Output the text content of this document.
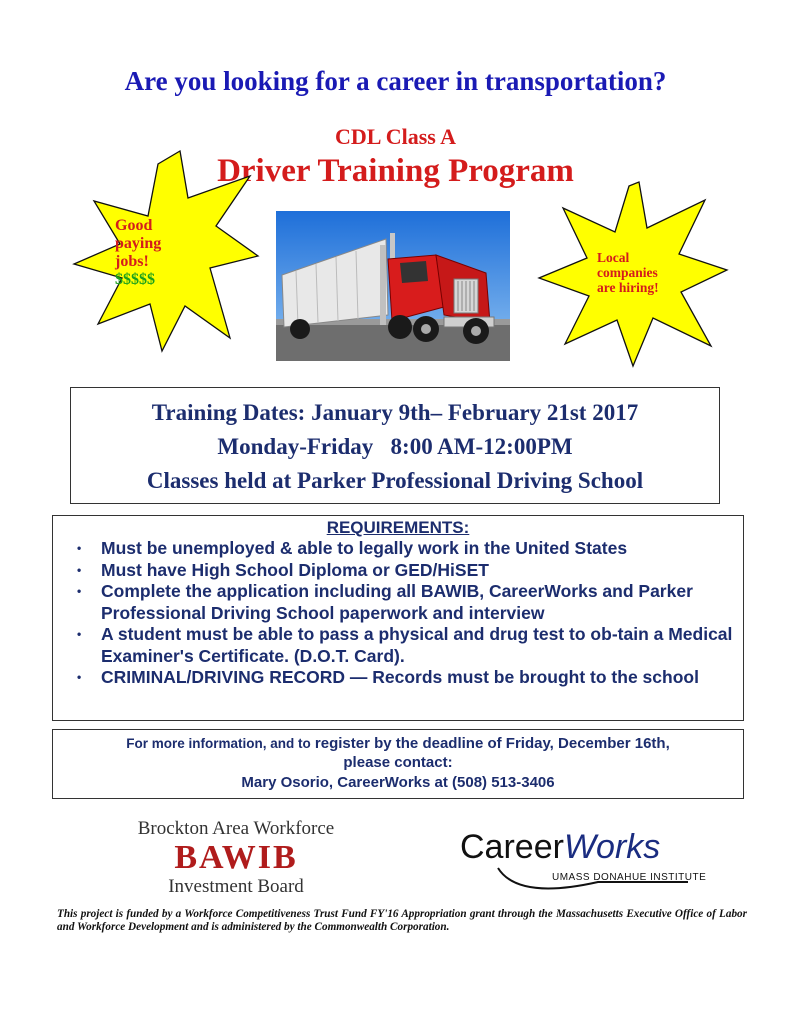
Are you looking for a career in transportation?
CDL Class A
Driver Training Program
Good
paying
jobs!
$$$$$
Local
companies
are hiring!
Training Dates: January 9th– February 21st 2017
Monday-Friday   8:00 AM-12:00PM
Classes held at Parker Professional Driving School
REQUIREMENTS:
• Must be unemployed & able to legally work in the United States
• Must have High School Diploma or GED/HiSET
• Complete the application including all BAWIB, CareerWorks and Parker Professional Driving School paperwork and interview
• A student must be able to pass a physical and drug test to ob-tain a Medical Examiner's Certificate. (D.O.T. Card).
• CRIMINAL/DRIVING RECORD — Records must be brought to the school
For more information, and to register by the deadline of Friday, December 16th,
please contact:
Mary Osorio, CareerWorks at (508) 513-3406
Brockton Area Workforce
BAWIB
Investment Board
CareerWorks
UMASS DONAHUE INSTITUTE
This project is funded by a Workforce Competitiveness Trust Fund FY'16 Appropriation grant through the Massachusetts Executive Office of Labor and Workforce Development and is administered by the Commonwealth Corporation.
